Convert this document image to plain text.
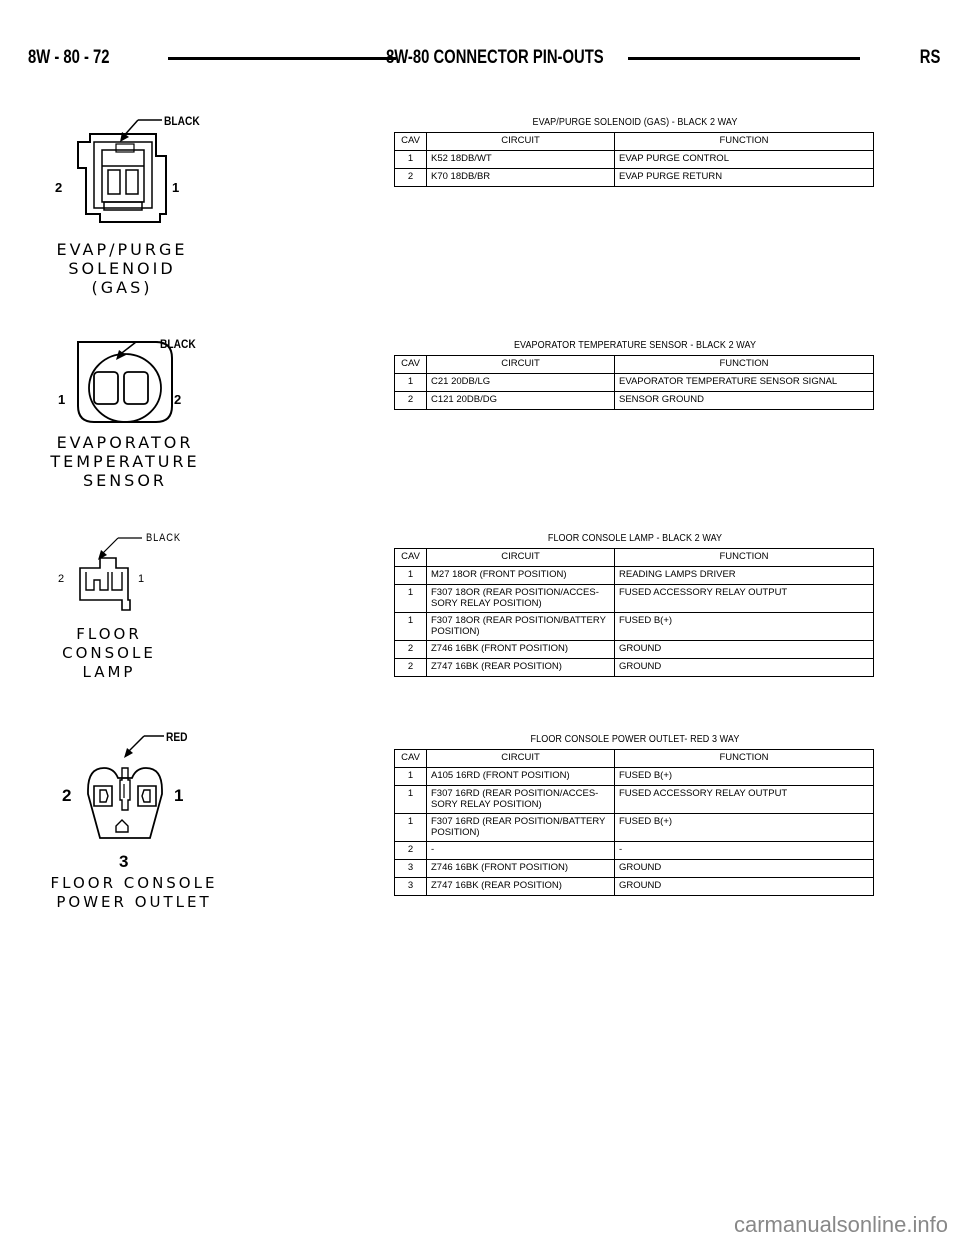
8W - 80 - 72	8W-80 CONNECTOR PIN-OUTS	RS
BLACK
2	1
EVAP/PURGE
SOLENOID
(GAS)
EVAP/PURGE SOLENOID (GAS) - BLACK 2 WAY
CAV	CIRCUIT	FUNCTION
1	K52 18DB/WT	EVAP PURGE CONTROL
2	K70 18DB/BR	EVAP PURGE RETURN
BLACK
1	2
EVAPORATOR
TEMPERATURE
SENSOR
EVAPORATOR TEMPERATURE SENSOR - BLACK 2 WAY
CAV	CIRCUIT	FUNCTION
1	C21 20DB/LG	EVAPORATOR TEMPERATURE SENSOR SIGNAL
2	C121 20DB/DG	SENSOR GROUND
BLACK
2	1
FLOOR
CONSOLE
LAMP
FLOOR CONSOLE LAMP - BLACK 2 WAY
CAV	CIRCUIT	FUNCTION
1	M27 18OR (FRONT POSITION)	READING LAMPS DRIVER
1	F307 18OR (REAR POSITION/ACCES- SORY RELAY POSITION)	FUSED ACCESSORY RELAY OUTPUT
1	F307 18OR (REAR POSITION/BATTERY POSITION)	FUSED B(+)
2	Z746 16BK (FRONT POSITION)	GROUND
2	Z747 16BK (REAR POSITION)	GROUND
RED
2	1
3
FLOOR CONSOLE
POWER OUTLET
FLOOR CONSOLE POWER OUTLET- RED 3 WAY
CAV	CIRCUIT	FUNCTION
1	A105 16RD (FRONT POSITION)	FUSED B(+)
1	F307 16RD (REAR POSITION/ACCES- SORY RELAY POSITION)	FUSED ACCESSORY RELAY OUTPUT
1	F307 16RD (REAR POSITION/BATTERY POSITION)	FUSED B(+)
2	-	-
3	Z746 16BK (FRONT POSITION)	GROUND
3	Z747 16BK (REAR POSITION)	GROUND
carmanualsonline.info
